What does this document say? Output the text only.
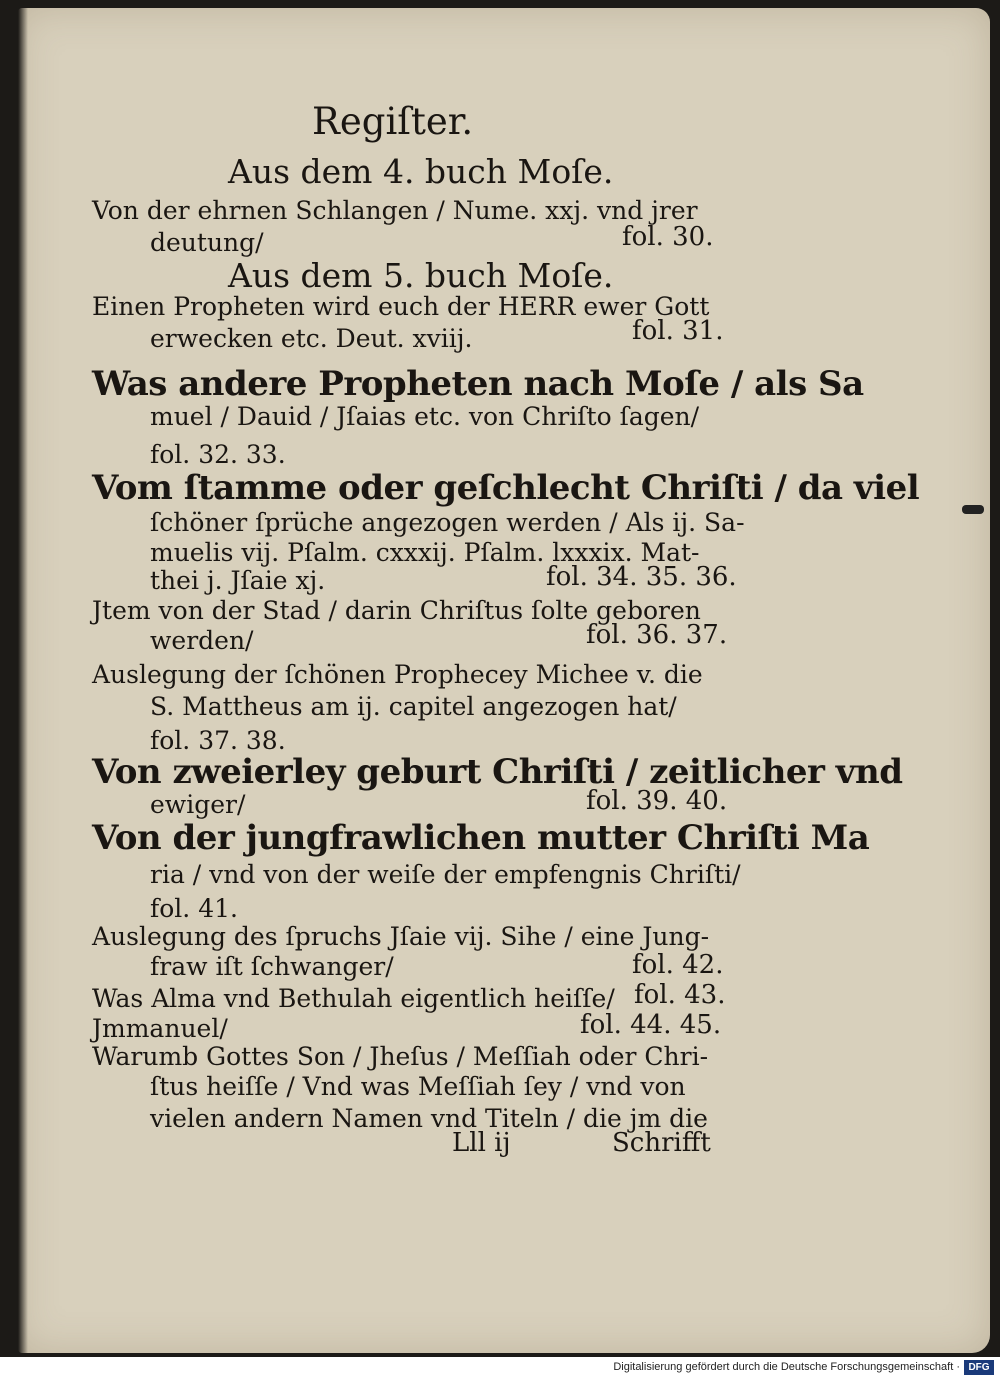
Regiſter.
Aus dem 4. buch Moſe.
Von der ehrnen Schlangen / Nume. xxj. vnd jrer
deutung/
Aus dem 5. buch Moſe.
Einen Propheten wird euch der HERR ewer Gott
erwecken etc. Deut. xviij.
Was andere Propheten nach Moſe / als Sa
muel / Dauid / Jſaias etc. von Chriſto ſagen/
fol. 32. 33.
Vom ſtamme oder geſchlecht Chriſti / da viel
ſchöner ſprüche angezogen werden / Als ij. Sa-
muelis vij. Pſalm. cxxxij. Pſalm. lxxxix. Mat-
thei j. Jſaie xj.
Jtem von der Stad / darin Chriſtus ſolte geboren
werden/
Auslegung der ſchönen Prophecey Michee v. die
S. Mattheus am ij. capitel angezogen hat/
fol. 37. 38.
Von zweierley geburt Chriſti / zeitlicher vnd
ewiger/
Von der jungfrawlichen mutter Chriſti Ma
ria / vnd von der weiſe der empfengnis Chriſti/
fol. 41.
Auslegung des ſpruchs Jſaie vij. Sihe / eine Jung-
fraw iſt ſchwanger/
Was Alma vnd Bethulah eigentlich heiſſe/
Jmmanuel/
Warumb Gottes Son / Jheſus / Meſſiah oder Chri-
ſtus heiſſe / Vnd was Meſſiah ſey / vnd von
vielen andern Namen vnd Titeln / die jm die
fol. 30.
fol. 31.
fol. 34. 35. 36.
fol. 36. 37.
fol. 39. 40.
fol. 42.
fol. 43.
fol. 44. 45.
Lll ij	Schrifft
Digitalisierung gefördert durch die Deutsche Forschungsgemeinschaft · DFG
